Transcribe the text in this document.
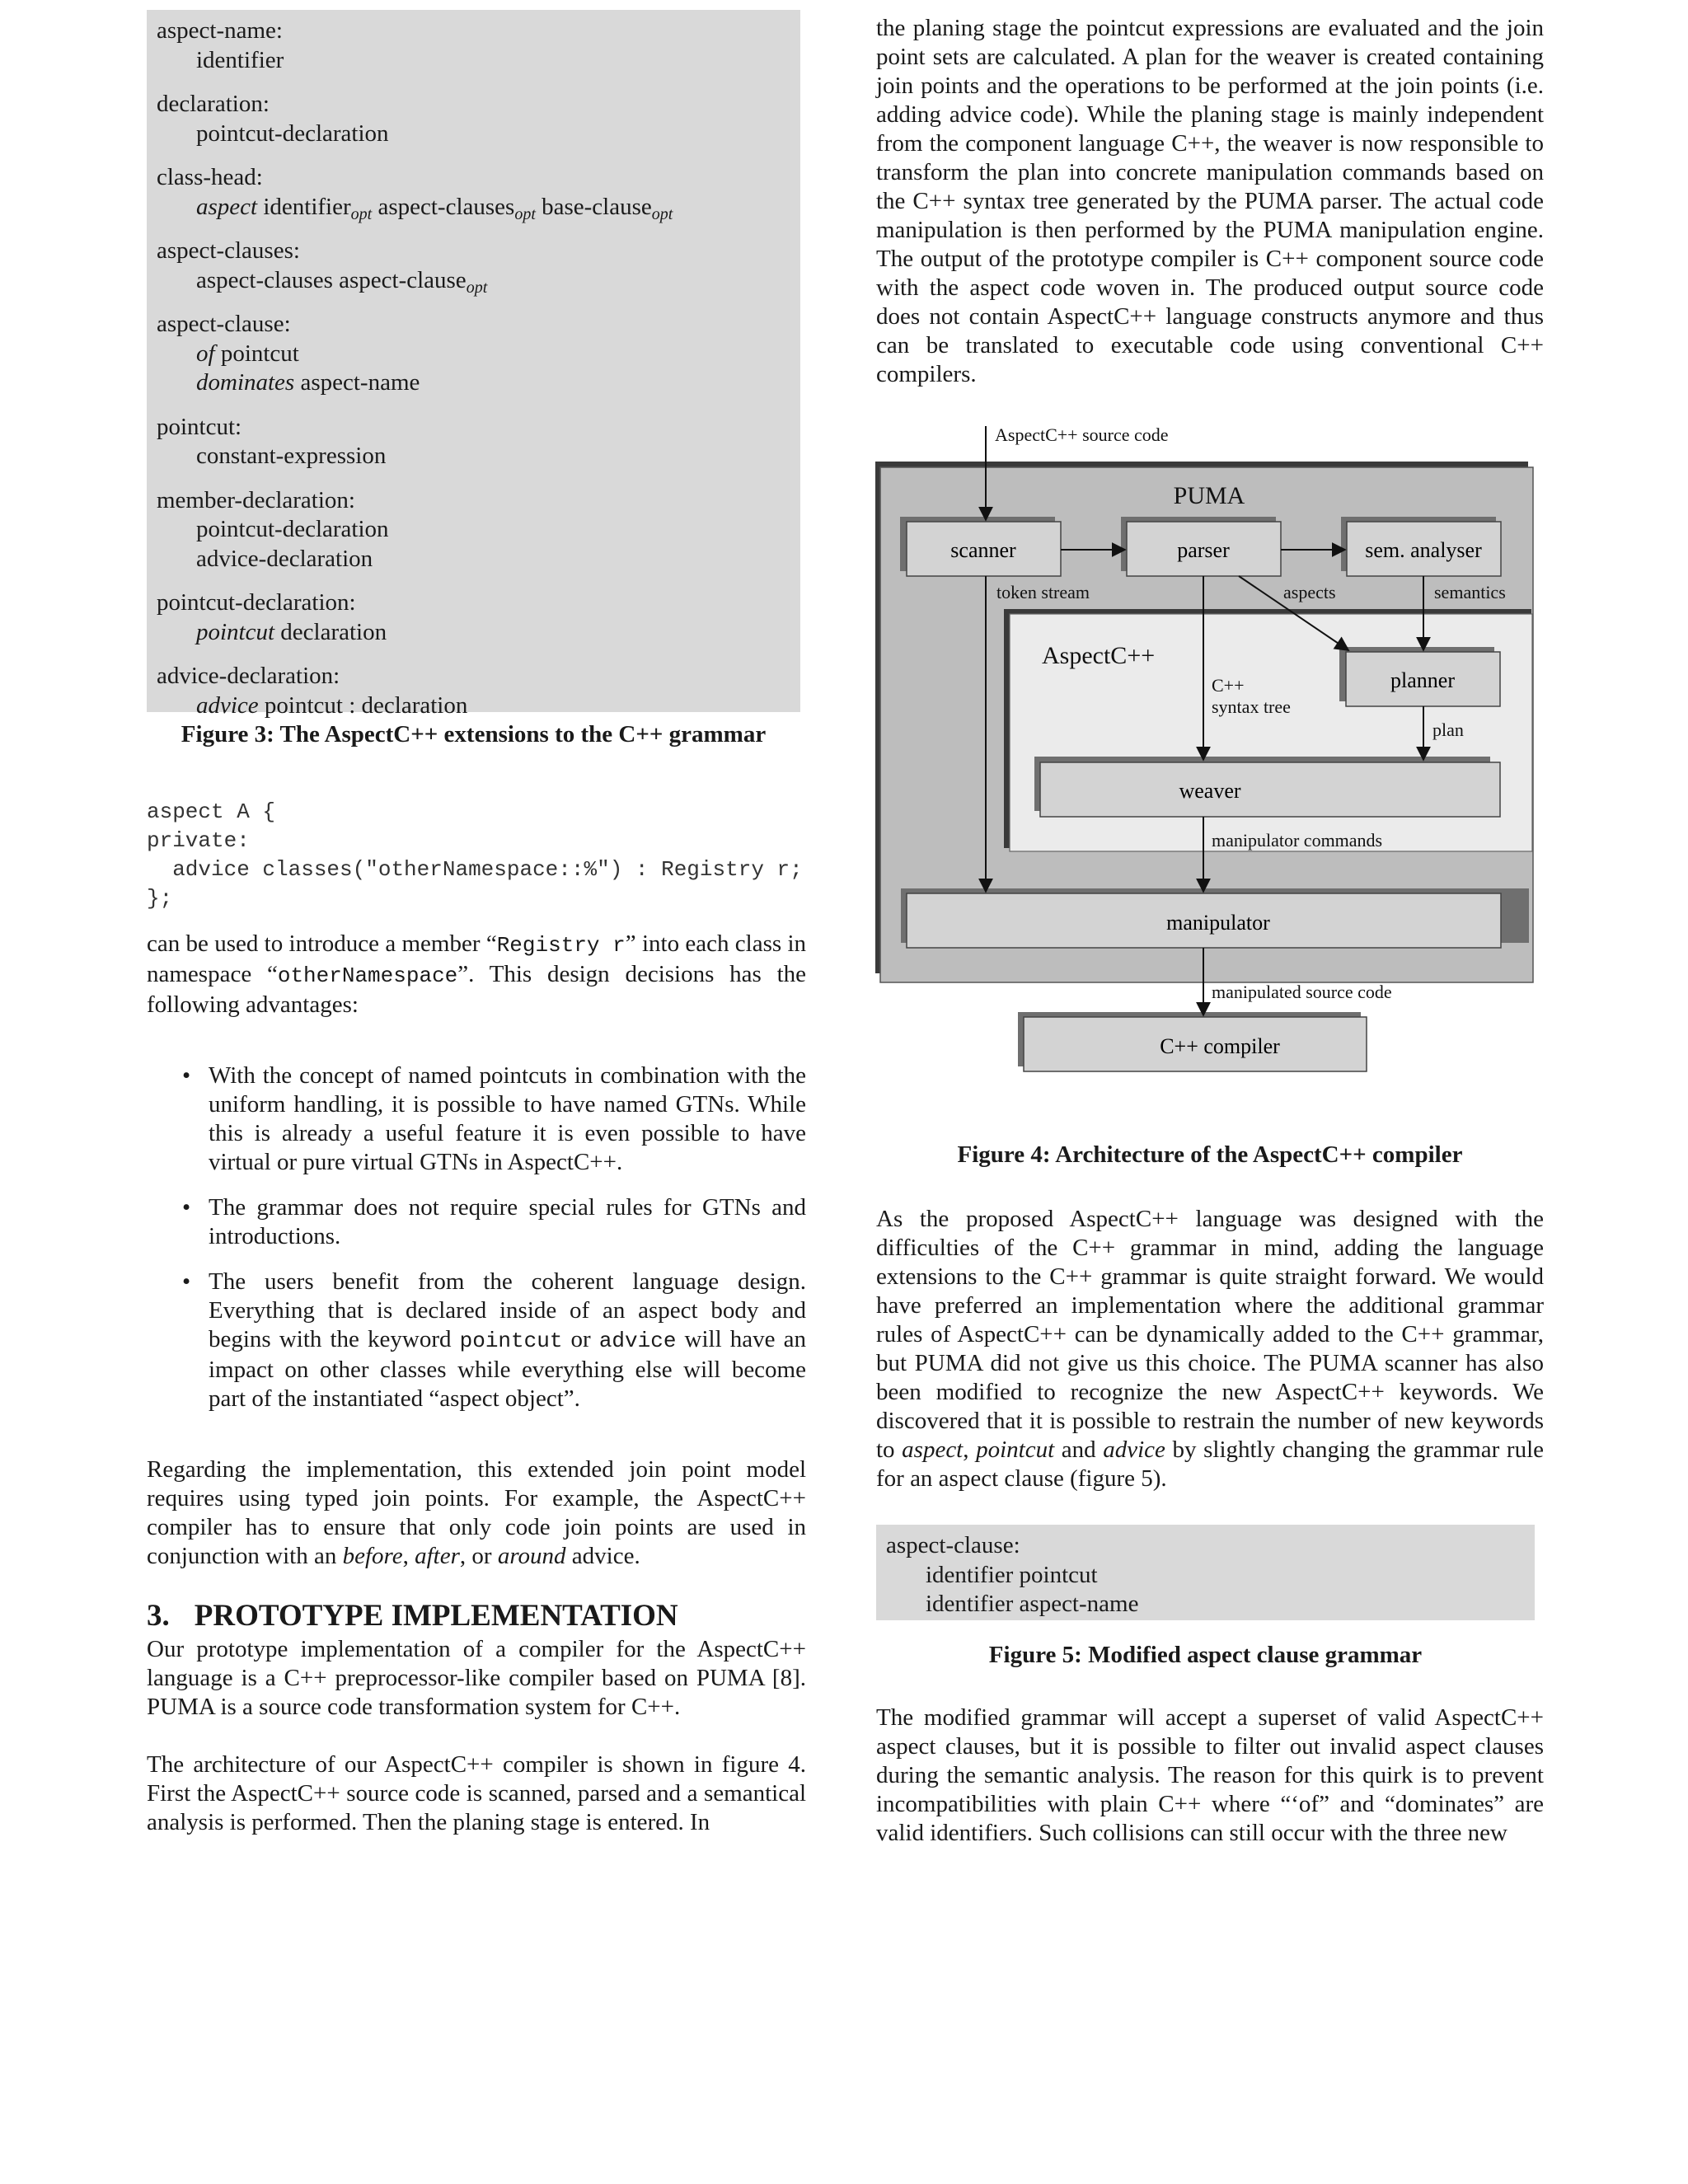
aspect-name:
identifier
declaration:
pointcut-declaration
class-head:
aspect identifier$_{opt}$ aspect-clauses$_{opt}$ base-clause$_{opt}$
aspect-clauses:
aspect-clauses aspect-clause$_{opt}$
aspect-clause:
of pointcut
dominates aspect-name
pointcut:
constant-expression
member-declaration:
pointcut-declaration
advice-declaration
pointcut-declaration:
pointcut declaration
advice-declaration:
advice pointcut : declaration
Figure 3: The AspectC++ extensions to the C++ grammar
aspect A {
private:
advice classes("otherNamespace::%") : Registry r;
};

can be used to introduce a member “Registry r” into each class in namespace “otherNamespace”. This design decisions has the following advantages:

• With the concept of named pointcuts in combination with the uniform handling, it is possible to have named GTNs. While this is already a useful feature it is even possible to have virtual or pure virtual GTNs in AspectC++.
• The grammar does not require special rules for GTNs and introductions.
• The users benefit from the coherent language design. Everything that is declared inside of an aspect body and begins with the keyword pointcut or advice will have an impact on other classes while everything else will become part of the instantiated “aspect object”.

Regarding the implementation, this extended join point model requires using typed join points. For example, the AspectC++ compiler has to ensure that only code join points are used in conjunction with an before, after, or around advice.

3. PROTOTYPE IMPLEMENTATION

Our prototype implementation of a compiler for the AspectC++ language is a C++ preprocessor-like compiler based on PUMA [8]. PUMA is a source code transformation system for C++.

The architecture of our AspectC++ compiler is shown in figure 4. First the AspectC++ source code is scanned, parsed and a semantical analysis is performed. Then the planing stage is entered. In

the planing stage the pointcut expressions are evaluated and the join point sets are calculated. A plan for the weaver is created containing join points and the operations to be performed at the join points (i.e. adding advice code). While the planing stage is mainly independent from the component language C++, the weaver is now responsible to transform the plan into concrete manipulation commands based on the C++ syntax tree generated by the PUMA parser. The actual code manipulation is then performed by the PUMA manipulation engine. The output of the prototype compiler is C++ component source code with the aspect code woven in. The produced output source code does not contain AspectC++ language constructs anymore and thus can be translated to executable code using conventional C++ compilers.

PUMA
scanner	parser	sem. analyser
AspectC++
planner
weaver
manipulator
C++ compiler
AspectC++ source code
token stream	aspects	semantics
C++
syntax tree
plan
manipulator commands
manipulated source code
Figure 4: Architecture of the AspectC++ compiler

As the proposed AspectC++ language was designed with the difficulties of the C++ grammar in mind, adding the language extensions to the C++ grammar is quite straight forward. We would have preferred an implementation where the additional grammar rules of AspectC++ can be dynamically added to the C++ grammar, but PUMA did not give us this choice. The PUMA scanner has also been modified to recognize the new AspectC++ keywords. We discovered that it is possible to restrain the number of new keywords to aspect, pointcut and advice by slightly changing the grammar rule for an aspect clause (figure 5).

aspect-clause:
identifier pointcut
identifier aspect-name
Figure 5: Modified aspect clause grammar

The modified grammar will accept a superset of valid AspectC++ aspect clauses, but it is possible to filter out invalid aspect clauses during the semantic analysis. The reason for this quirk is to prevent incompatibilities with plain C++ where “‘of” and “dominates” are valid identifiers. Such collisions can still occur with the three new
